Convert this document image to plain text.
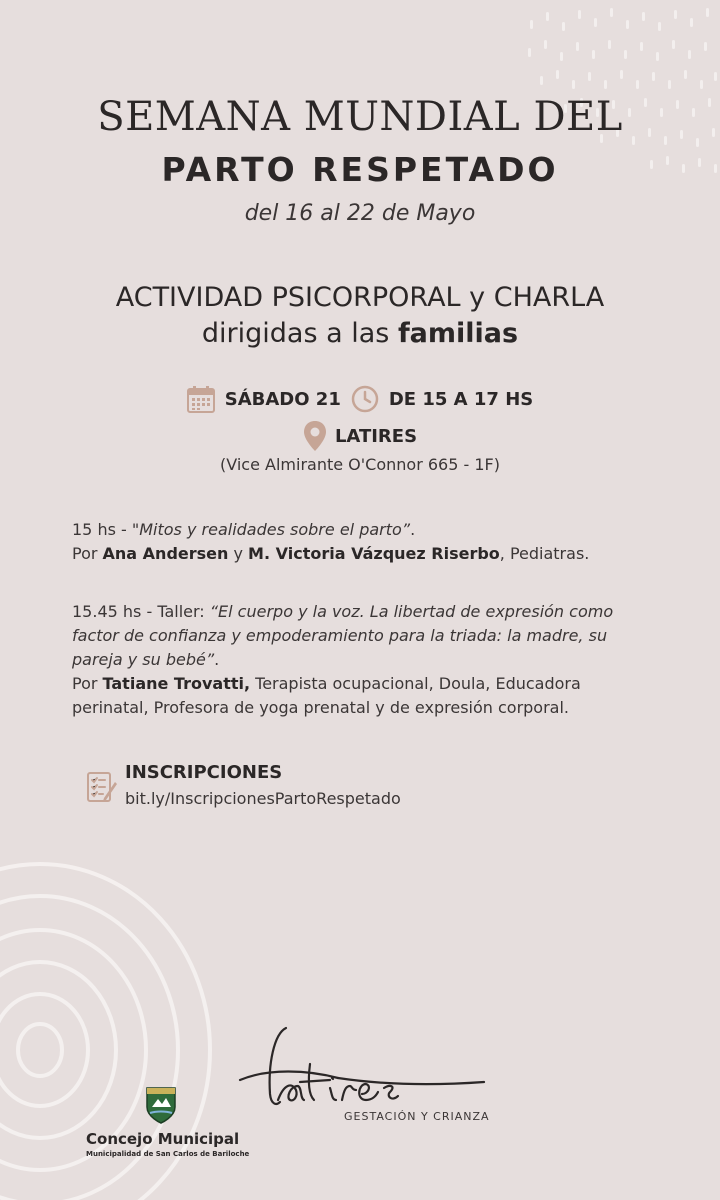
SEMANA MUNDIAL DEL
PARTO RESPETADO
del 16 al 22 de Mayo
ACTIVIDAD PSICORPORAL y CHARLA
dirigidas a las familias
SÁBADO 21	DE 15 A 17 HS
LATIRES
(Vice Almirante O'Connor 665 - 1F)
15 hs - "Mitos y realidades sobre el parto”.
Por Ana Andersen y M. Victoria Vázquez Riserbo, Pediatras.
15.45 hs - Taller: “El cuerpo y la voz. La libertad de expresión como factor de confianza y empoderamiento para la triada: la madre, su pareja y su bebé”.
Por Tatiane Trovatti, Terapista ocupacional, Doula, Educadora perinatal, Profesora de yoga prenatal y de expresión corporal.
INSCRIPCIONES
bit.ly/InscripcionesPartoRespetado
GESTACIÓN Y CRIANZA
Concejo Municipal
Municipalidad de San Carlos de Bariloche
